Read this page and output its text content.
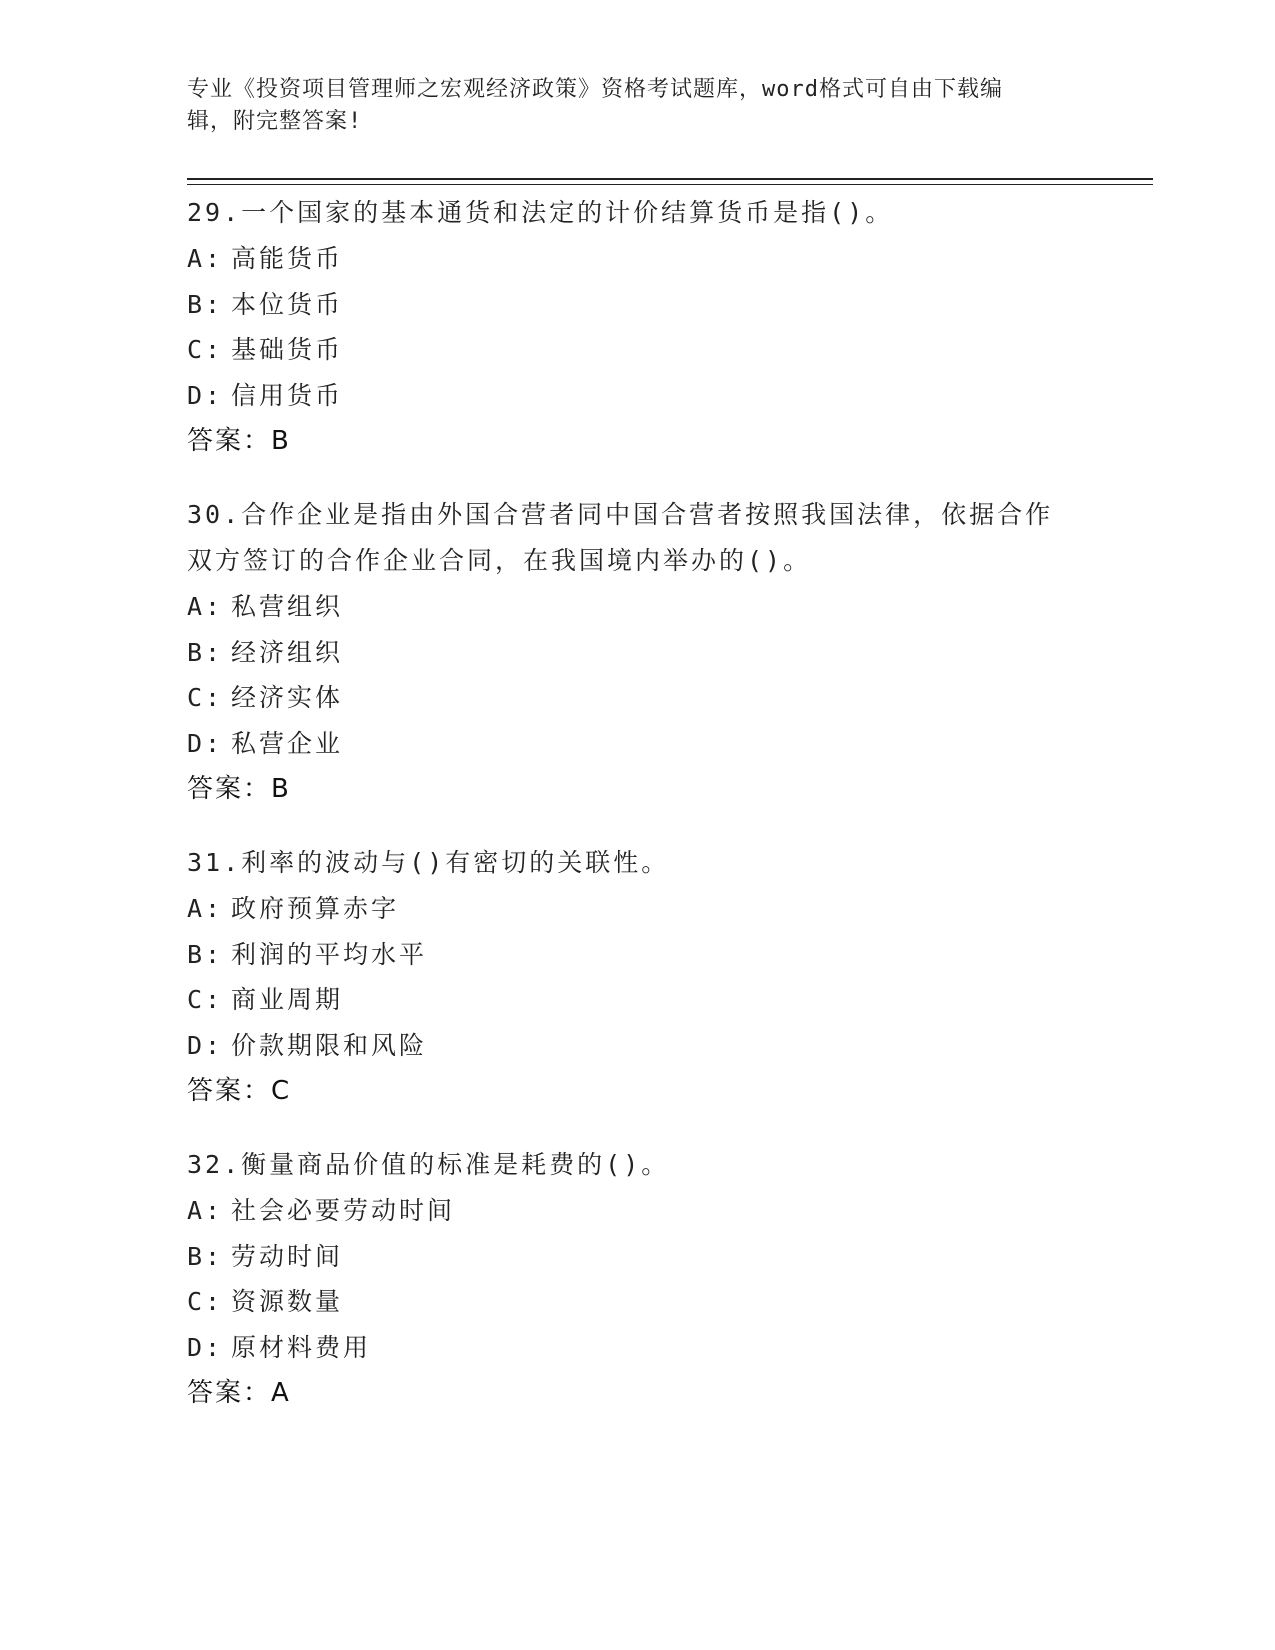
专业《投资项目管理师之宏观经济政策》资格考试题库，word格式可自由下载编
辑，附完整答案!
29.一个国家的基本通货和法定的计价结算货币是指()。
A: 高能货币
B: 本位货币
C: 基础货币
D: 信用货币
答案：B
30.合作企业是指由外国合营者同中国合营者按照我国法律，依据合作
双方签订的合作企业合同，在我国境内举办的()。
A: 私营组织
B: 经济组织
C: 经济实体
D: 私营企业
答案：B
31.利率的波动与()有密切的关联性。
A: 政府预算赤字
B: 利润的平均水平
C: 商业周期
D: 价款期限和风险
答案：C
32.衡量商品价值的标准是耗费的()。
A: 社会必要劳动时间
B: 劳动时间
C: 资源数量
D: 原材料费用
答案：A
